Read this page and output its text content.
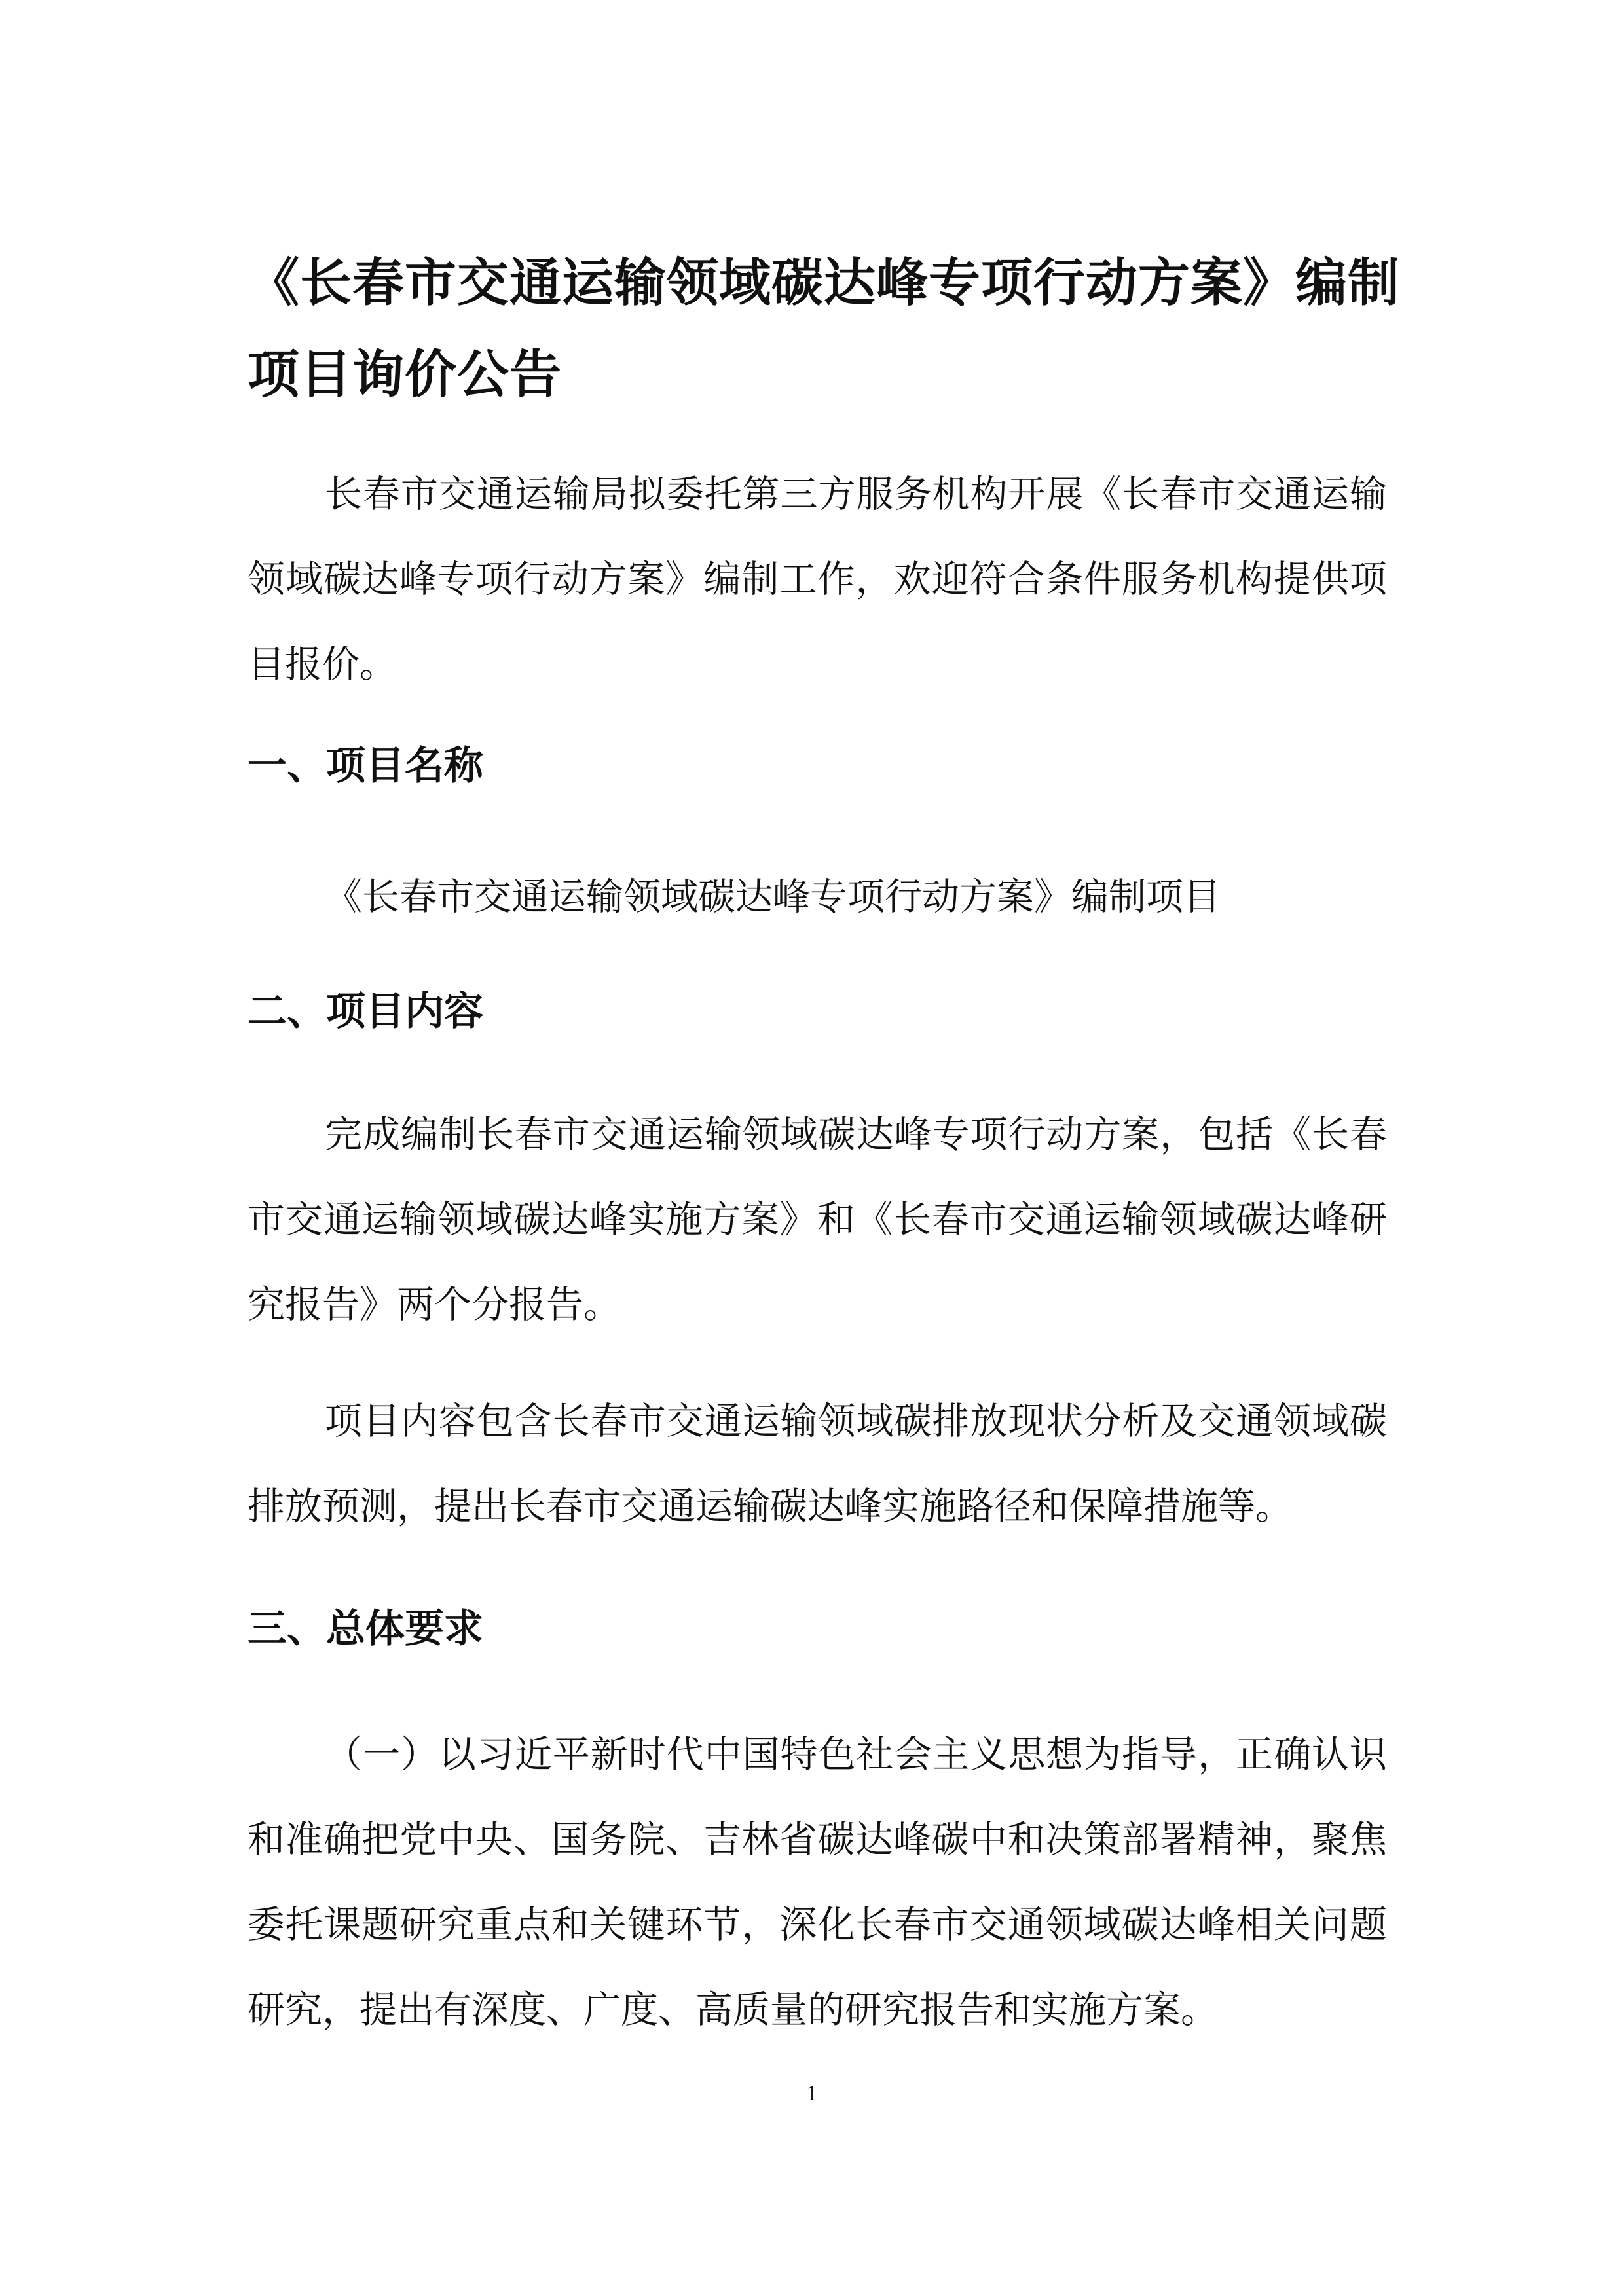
《长春市交通运输领域碳达峰专项行动方案》编制项目询价公告

长春市交通运输局拟委托第三方服务机构开展《长春市交通运输领域碳达峰专项行动方案》编制工作，欢迎符合条件服务机构提供项目报价。

一、项目名称

《长春市交通运输领域碳达峰专项行动方案》编制项目

二、项目内容

完成编制长春市交通运输领域碳达峰专项行动方案，包括《长春市交通运输领域碳达峰实施方案》和《长春市交通运输领域碳达峰研究报告》两个分报告。

项目内容包含长春市交通运输领域碳排放现状分析及交通领域碳排放预测，提出长春市交通运输碳达峰实施路径和保障措施等。

三、总体要求

（一）以习近平新时代中国特色社会主义思想为指导，正确认识和准确把党中央、国务院、吉林省碳达峰碳中和决策部署精神，聚焦委托课题研究重点和关键环节，深化长春市交通领域碳达峰相关问题研究，提出有深度、广度、高质量的研究报告和实施方案。

1
